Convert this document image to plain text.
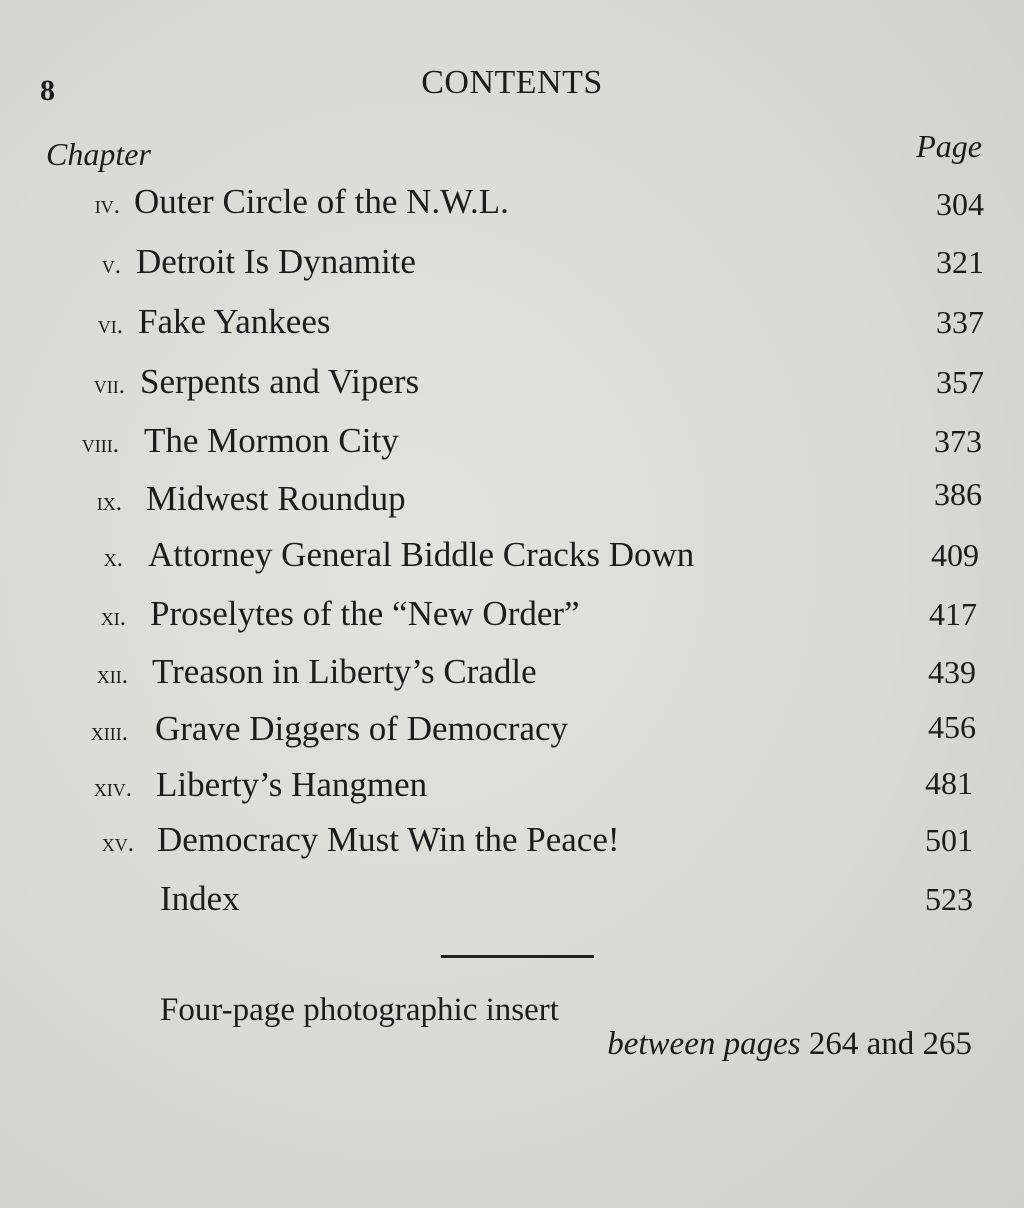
8	CONTENTS
Chapter	Page
iv. Outer Circle of the N.W.L.	304
v. Detroit Is Dynamite	321
vi. Fake Yankees	337
vii. Serpents and Vipers	357
viii. The Mormon City	373
ix. Midwest Roundup	386
x. Attorney General Biddle Cracks Down	409
xi. Proselytes of the “New Order”	417
xii. Treason in Liberty’s Cradle	439
xiii. Grave Diggers of Democracy	456
xiv. Liberty’s Hangmen	481
xv. Democracy Must Win the Peace!	501
Index	523
Four-page photographic insert
between pages 264 and 265
